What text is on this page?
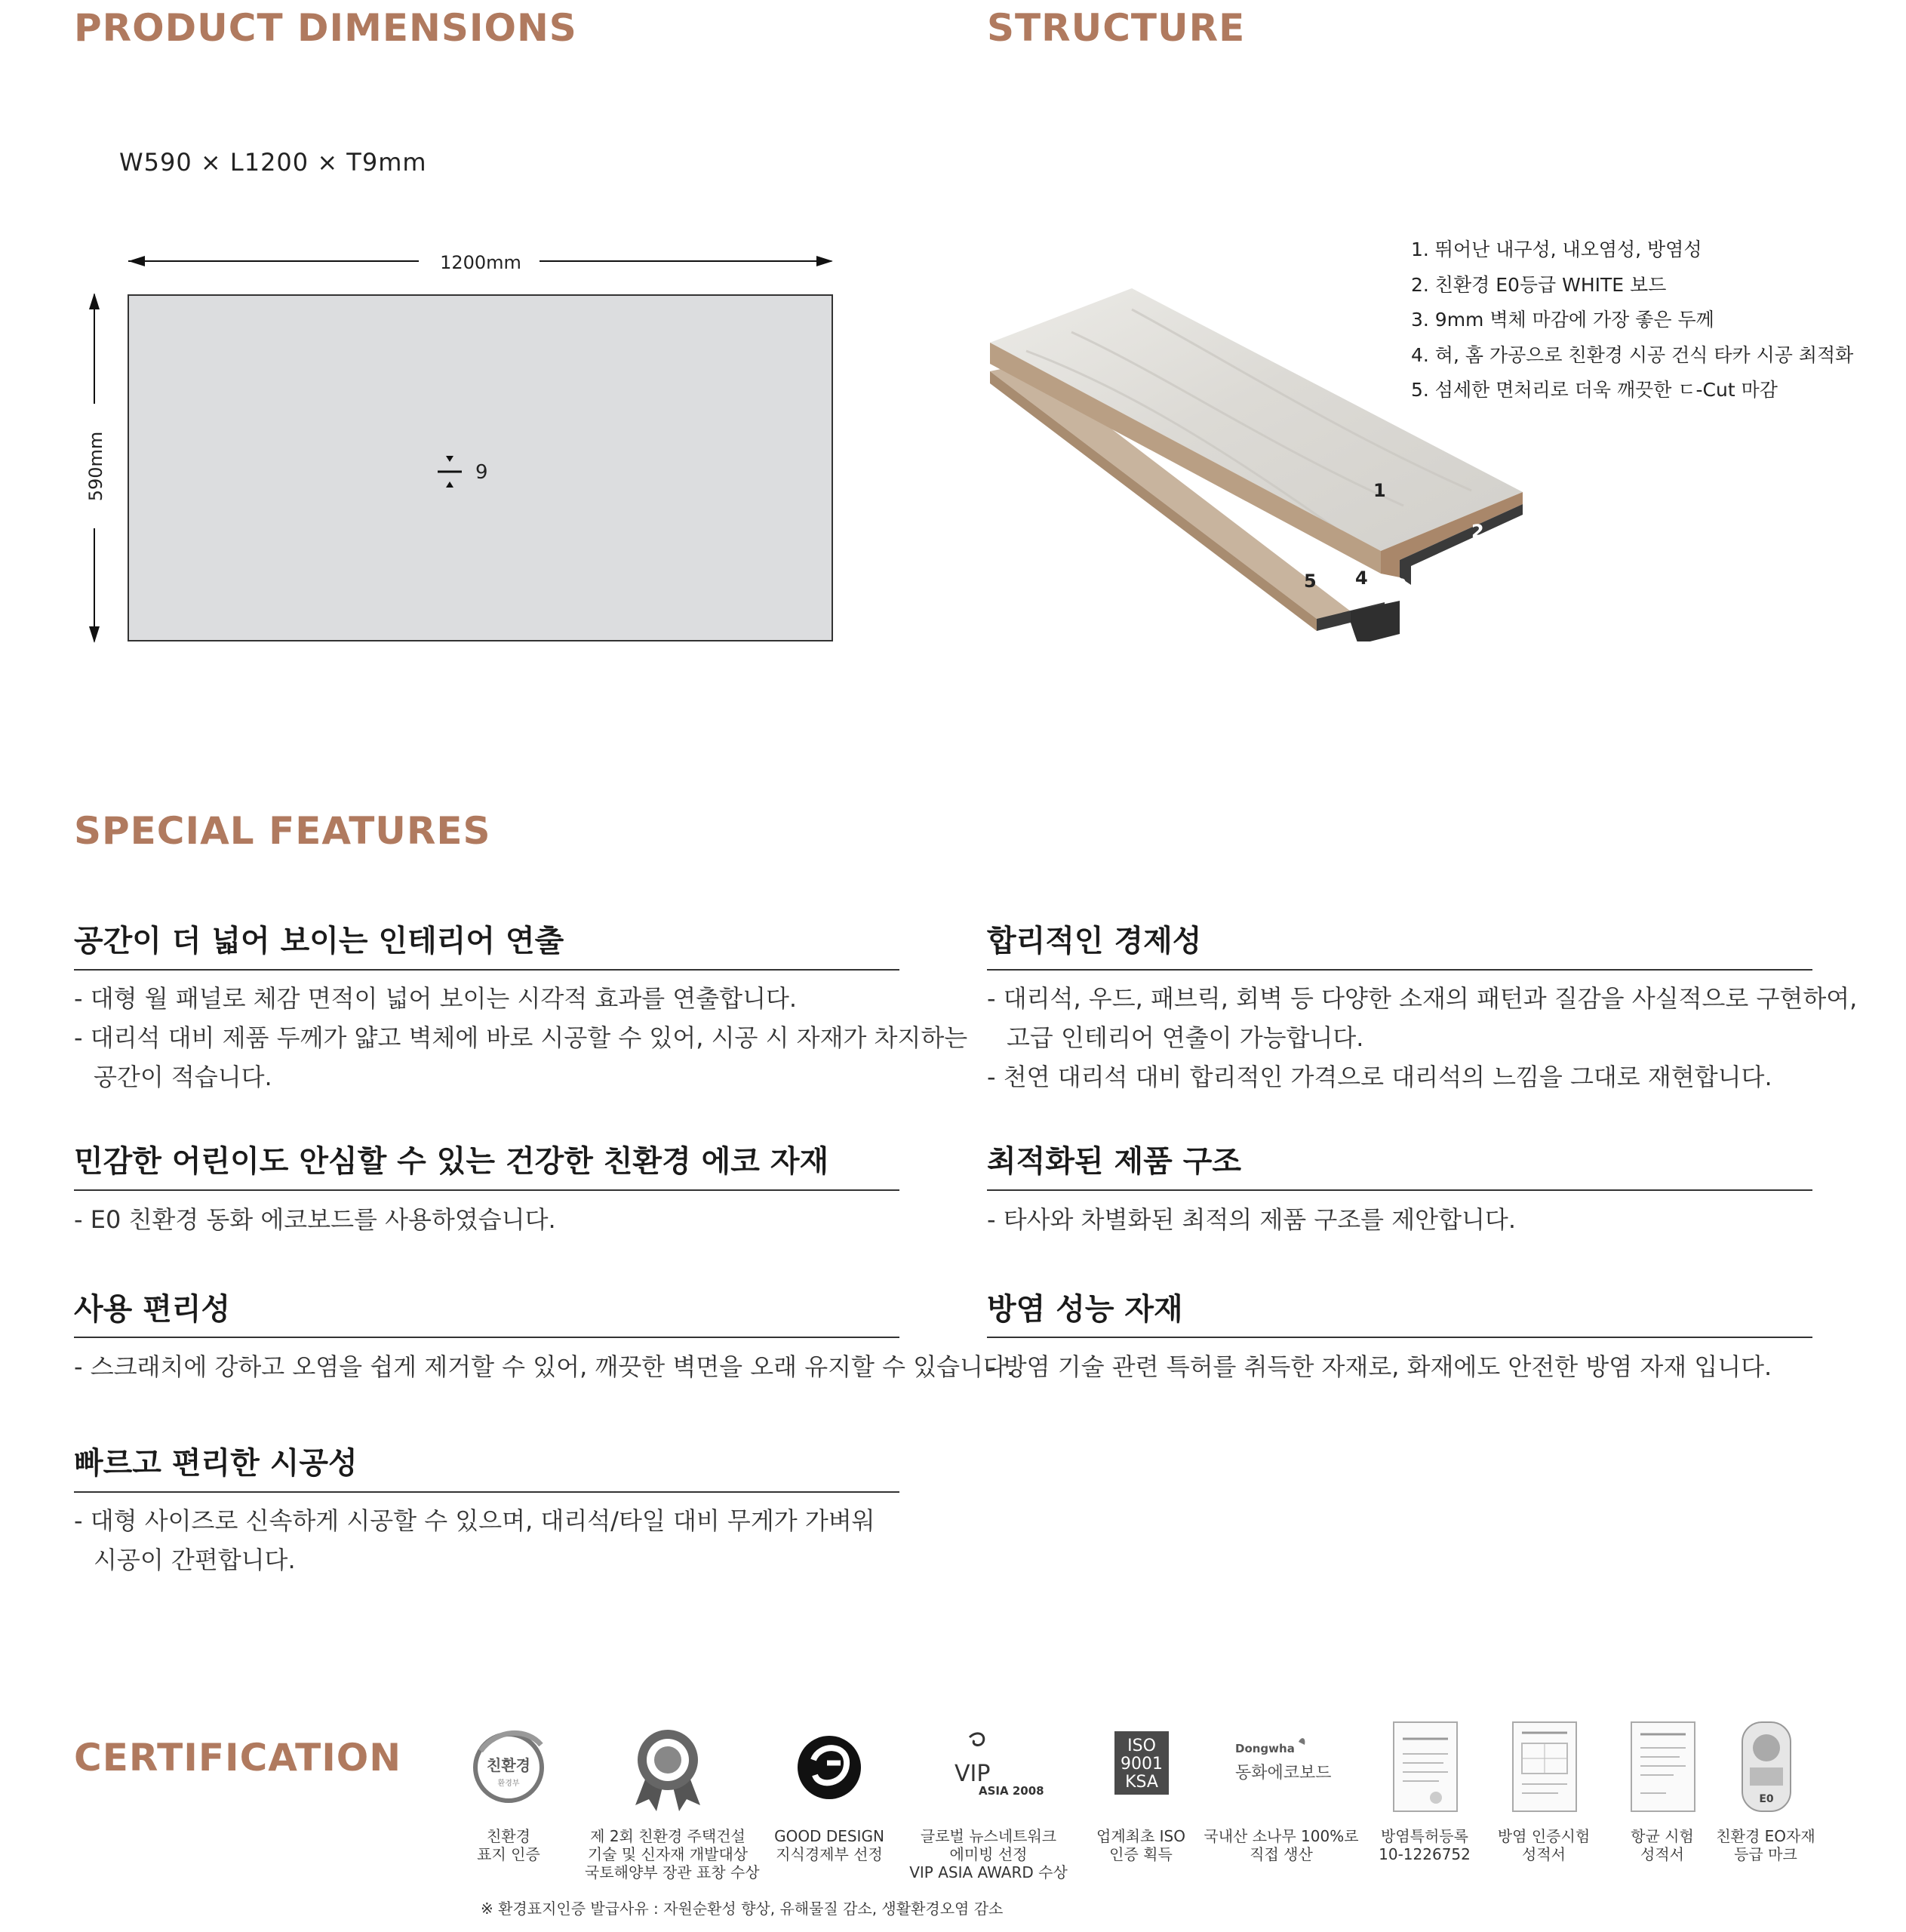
PRODUCT DIMENSIONS	STRUCTURE
SPECIAL FEATURES
CERTIFICATION
W590 × L1200 × T9mm
1200mm
590mm	9
1
2
3
4
5
1. 뛰어난 내구성, 내오염성, 방염성
2. 친환경 E0등급 WHITE 보드
3. 9mm 벽체 마감에 가장 좋은 두께
4. 혀, 홈 가공으로 친환경 시공 건식 타카 시공 최적화
5. 섬세한 면처리로 더욱 깨끗한 ㄷ-Cut 마감
공간이 더 넓어 보이는 인테리어 연출
- 대형 월 패널로 체감 면적이 넓어 보이는 시각적 효과를 연출합니다.
- 대리석 대비 제품 두께가 얇고 벽체에 바로 시공할 수 있어, 시공 시 자재가 차지하는
공간이 적습니다.
민감한 어린이도 안심할 수 있는 건강한 친환경 에코 자재
- E0 친환경 동화 에코보드를 사용하였습니다.
사용 편리성
- 스크래치에 강하고 오염을 쉽게 제거할 수 있어, 깨끗한 벽면을 오래 유지할 수 있습니다.
빠르고 편리한 시공성
- 대형 사이즈로 신속하게 시공할 수 있으며, 대리석/타일 대비 무게가 가벼워
시공이 간편합니다.
합리적인 경제성
- 대리석, 우드, 패브릭, 회벽 등 다양한 소재의 패턴과 질감을 사실적으로 구현하여,
고급 인테리어 연출이 가능합니다.
- 천연 대리석 대비 합리적인 가격으로 대리석의 느낌을 그대로 재현합니다.
최적화된 제품 구조
- 타사와 차별화된 최적의 제품 구조를 제안합니다.
방염 성능 자재
- 방염 기술 관련 특허를 취득한 자재로, 화재에도 안전한 방염 자재 입니다.
친환경
환경부
친환경
표지 인증
제 2회 친환경 주택건설
기술 및 신자재 개발대상
국토해양부 장관 표창 수상
GOOD DESIGN
지식경제부 선정
VIP
ASIA 2008
글로벌 뉴스네트워크
에미빙 선정
VIP ASIA AWARD 수상
ISO
9001
KSA
업계최초 ISO
인증 획득
Dongwha
동화에코보드
국내산 소나무 100%로
직접 생산
방염특허등록
10-1226752
방염 인증시험
성적서
항균 시험
성적서
E0
친환경 EO자재
등급 마크
※ 환경표지인증 발급사유 : 자원순환성 향상, 유해물질 감소, 생활환경오염 감소
